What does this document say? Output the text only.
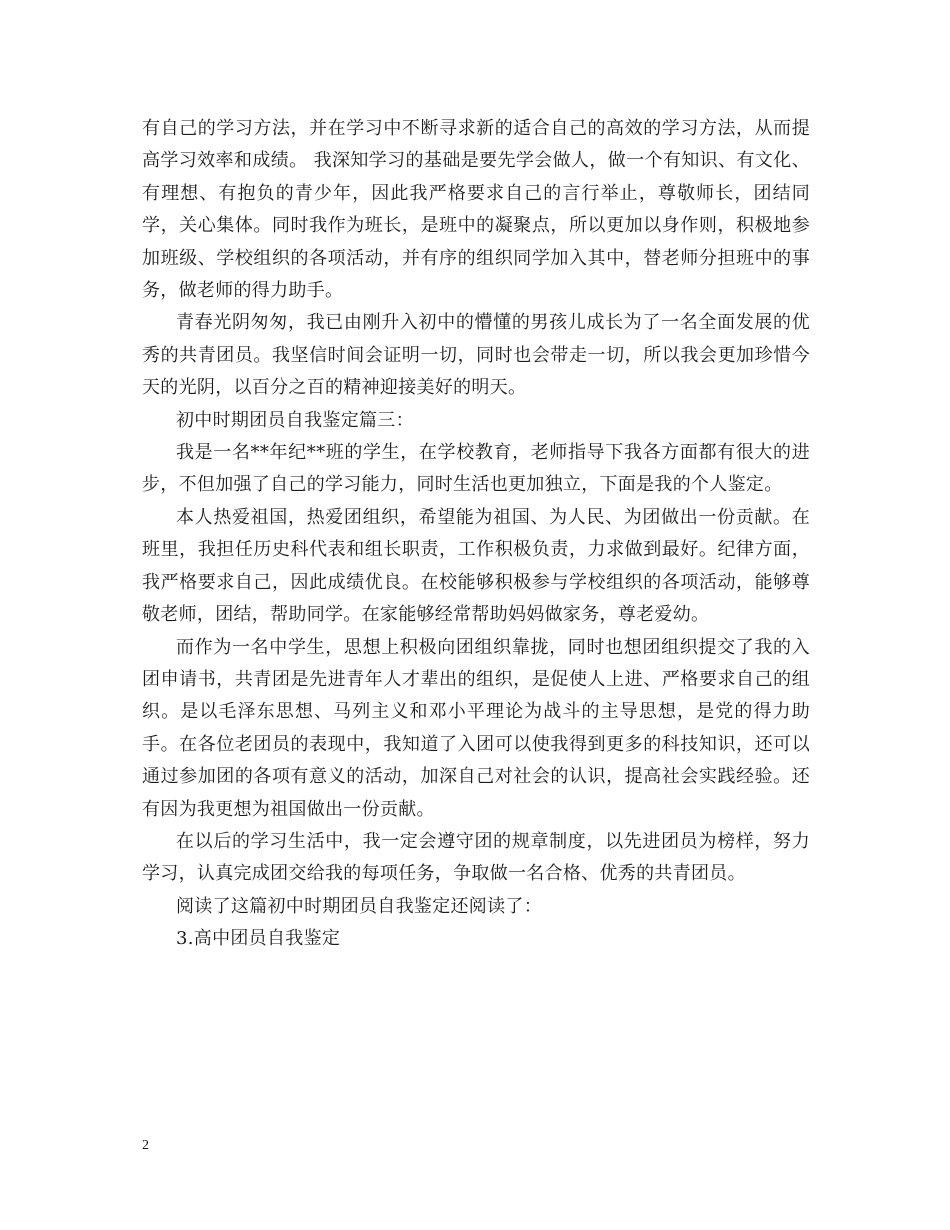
有自己的学习方法，并在学习中不断寻求新的适合自己的高效的学习方法，从而提高学习效率和成绩。 我深知学习的基础是要先学会做人，做一个有知识、有文化、有理想、有抱负的青少年，因此我严格要求自己的言行举止，尊敬师长，团结同学，关心集体。同时我作为班长，是班中的凝聚点，所以更加以身作则，积极地参加班级、学校组织的各项活动，并有序的组织同学加入其中，替老师分担班中的事务，做老师的得力助手。

青春光阴匆匆，我已由刚升入初中的懵懂的男孩儿成长为了一名全面发展的优秀的共青团员。我坚信时间会证明一切，同时也会带走一切，所以我会更加珍惜今天的光阴，以百分之百的精神迎接美好的明天。

初中时期团员自我鉴定篇三：

我是一名**年纪**班的学生，在学校教育，老师指导下我各方面都有很大的进步，不但加强了自己的学习能力，同时生活也更加独立，下面是我的个人鉴定。

本人热爱祖国，热爱团组织，希望能为祖国、为人民、为团做出一份贡献。在班里，我担任历史科代表和组长职责，工作积极负责，力求做到最好。纪律方面，我严格要求自己，因此成绩优良。在校能够积极参与学校组织的各项活动，能够尊敬老师，团结，帮助同学。在家能够经常帮助妈妈做家务，尊老爱幼。

而作为一名中学生，思想上积极向团组织靠拢，同时也想团组织提交了我的入团申请书，共青团是先进青年人才辈出的组织，是促使人上进、严格要求自己的组织。是以毛泽东思想、马列主义和邓小平理论为战斗的主导思想，是党的得力助手。在各位老团员的表现中，我知道了入团可以使我得到更多的科技知识，还可以通过参加团的各项有意义的活动，加深自己对社会的认识，提高社会实践经验。还有因为我更想为祖国做出一份贡献。

在以后的学习生活中，我一定会遵守团的规章制度，以先进团员为榜样，努力学习，认真完成团交给我的每项任务，争取做一名合格、优秀的共青团员。

阅读了这篇初中时期团员自我鉴定还阅读了：

3.高中团员自我鉴定

2
